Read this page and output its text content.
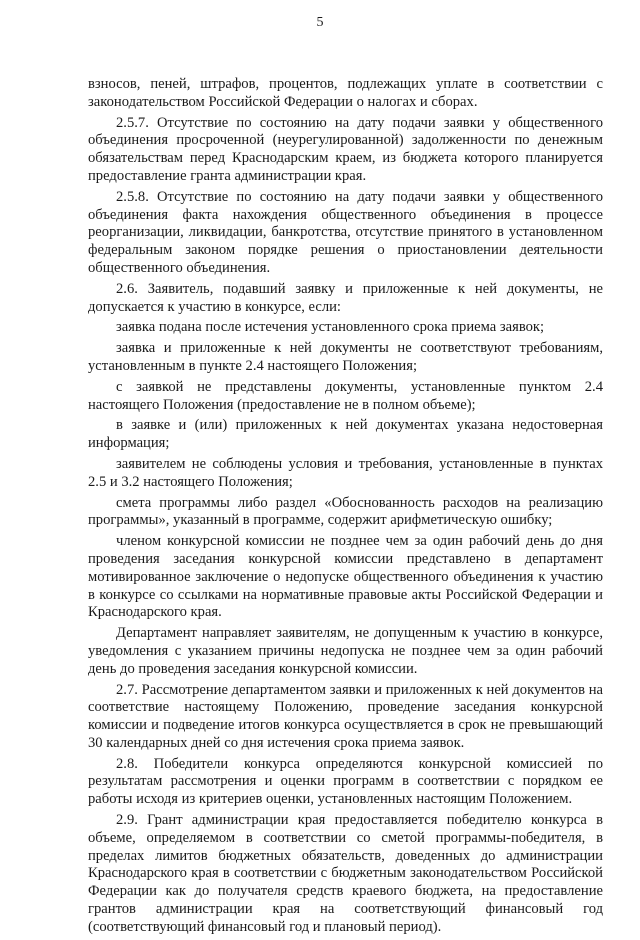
5

взносов, пеней, штрафов, процентов, подлежащих уплате в соответствии с законодательством Российской Федерации о налогах и сборах.

2.5.7. Отсутствие по состоянию на дату подачи заявки у общественного объединения просроченной (неурегулированной) задолженности по денежным обязательствам перед Краснодарским краем, из бюджета которого планируется предоставление гранта администрации края.

2.5.8. Отсутствие по состоянию на дату подачи заявки у общественного объединения факта нахождения общественного объединения в процессе реорганизации, ликвидации, банкротства, отсутствие принятого в установленном федеральным законом порядке решения о приостановлении деятельности общественного объединения.

2.6. Заявитель, подавший заявку и приложенные к ней документы, не допускается к участию в конкурсе, если:

заявка подана после истечения установленного срока приема заявок;

заявка и приложенные к ней документы не соответствуют требованиям, установленным в пункте 2.4 настоящего Положения;

с заявкой не представлены документы, установленные пунктом 2.4 настоящего Положения (предоставление не в полном объеме);

в заявке и (или) приложенных к ней документах указана недостоверная информация;

заявителем не соблюдены условия и требования, установленные в пунктах 2.5 и 3.2 настоящего Положения;

смета программы либо раздел «Обоснованность расходов на реализацию программы», указанный в программе, содержит арифметическую ошибку;

членом конкурсной комиссии не позднее чем за один рабочий день до дня проведения заседания конкурсной комиссии представлено в департамент мотивированное заключение о недопуске общественного объединения к участию в конкурсе со ссылками на нормативные правовые акты Российской Федерации и Краснодарского края.

Департамент направляет заявителям, не допущенным к участию в конкурсе, уведомления с указанием причины недопуска не позднее чем за один рабочий день до проведения заседания конкурсной комиссии.

2.7. Рассмотрение департаментом заявки и приложенных к ней документов на соответствие настоящему Положению, проведение заседания конкурсной комиссии и подведение итогов конкурса осуществляется в срок не превышающий 30 календарных дней со дня истечения срока приема заявок.

2.8. Победители конкурса определяются конкурсной комиссией по результатам рассмотрения и оценки программ в соответствии с порядком ее работы исходя из критериев оценки, установленных настоящим Положением.

2.9. Грант администрации края предоставляется победителю конкурса в объеме, определяемом в соответствии со сметой программы-победителя, в пределах лимитов бюджетных обязательств, доведенных до администрации Краснодарского края в соответствии с бюджетным законодательством Российской Федерации как до получателя средств краевого бюджета, на предоставление грантов администрации края на соответствующий финансовый год (соответствующий финансовый год и плановый период).
